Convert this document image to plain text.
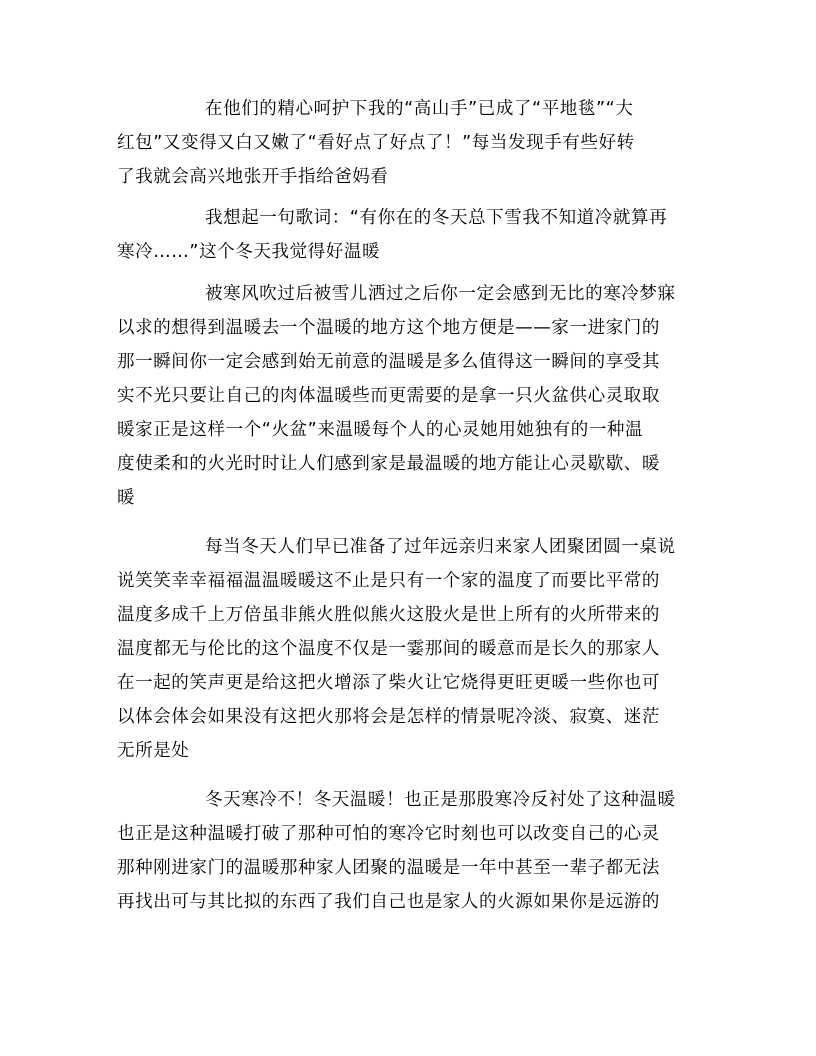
在他们的精心呵护下我的“高山手”已成了“平地毯”“大
红包”又变得又白又嫩了“看好点了好点了！”每当发现手有些好转
了我就会高兴地张开手指给爸妈看
我想起一句歌词：“有你在的冬天总下雪我不知道冷就算再
寒冷……”这个冬天我觉得好温暖
被寒风吹过后被雪儿洒过之后你一定会感到无比的寒冷梦寐
以求的想得到温暖去一个温暖的地方这个地方便是——家一进家门的
那一瞬间你一定会感到始无前意的温暖是多么值得这一瞬间的享受其
实不光只要让自己的肉体温暖些而更需要的是拿一只火盆供心灵取取
暖家正是这样一个“火盆”来温暖每个人的心灵她用她独有的一种温
度使柔和的火光时时让人们感到家是最温暖的地方能让心灵歇歇、暖
暖
每当冬天人们早已准备了过年远亲归来家人团聚团圆一桌说
说笑笑幸幸福福温温暖暖这不止是只有一个家的温度了而要比平常的
温度多成千上万倍虽非熊火胜似熊火这股火是世上所有的火所带来的
温度都无与伦比的这个温度不仅是一霎那间的暖意而是长久的那家人
在一起的笑声更是给这把火增添了柴火让它烧得更旺更暖一些你也可
以体会体会如果没有这把火那将会是怎样的情景呢冷淡、寂寞、迷茫
无所是处
冬天寒冷不！冬天温暖！也正是那股寒冷反衬处了这种温暖
也正是这种温暖打破了那种可怕的寒冷它时刻也可以改变自己的心灵
那种刚进家门的温暖那种家人团聚的温暖是一年中甚至一辈子都无法
再找出可与其比拟的东西了我们自己也是家人的火源如果你是远游的
